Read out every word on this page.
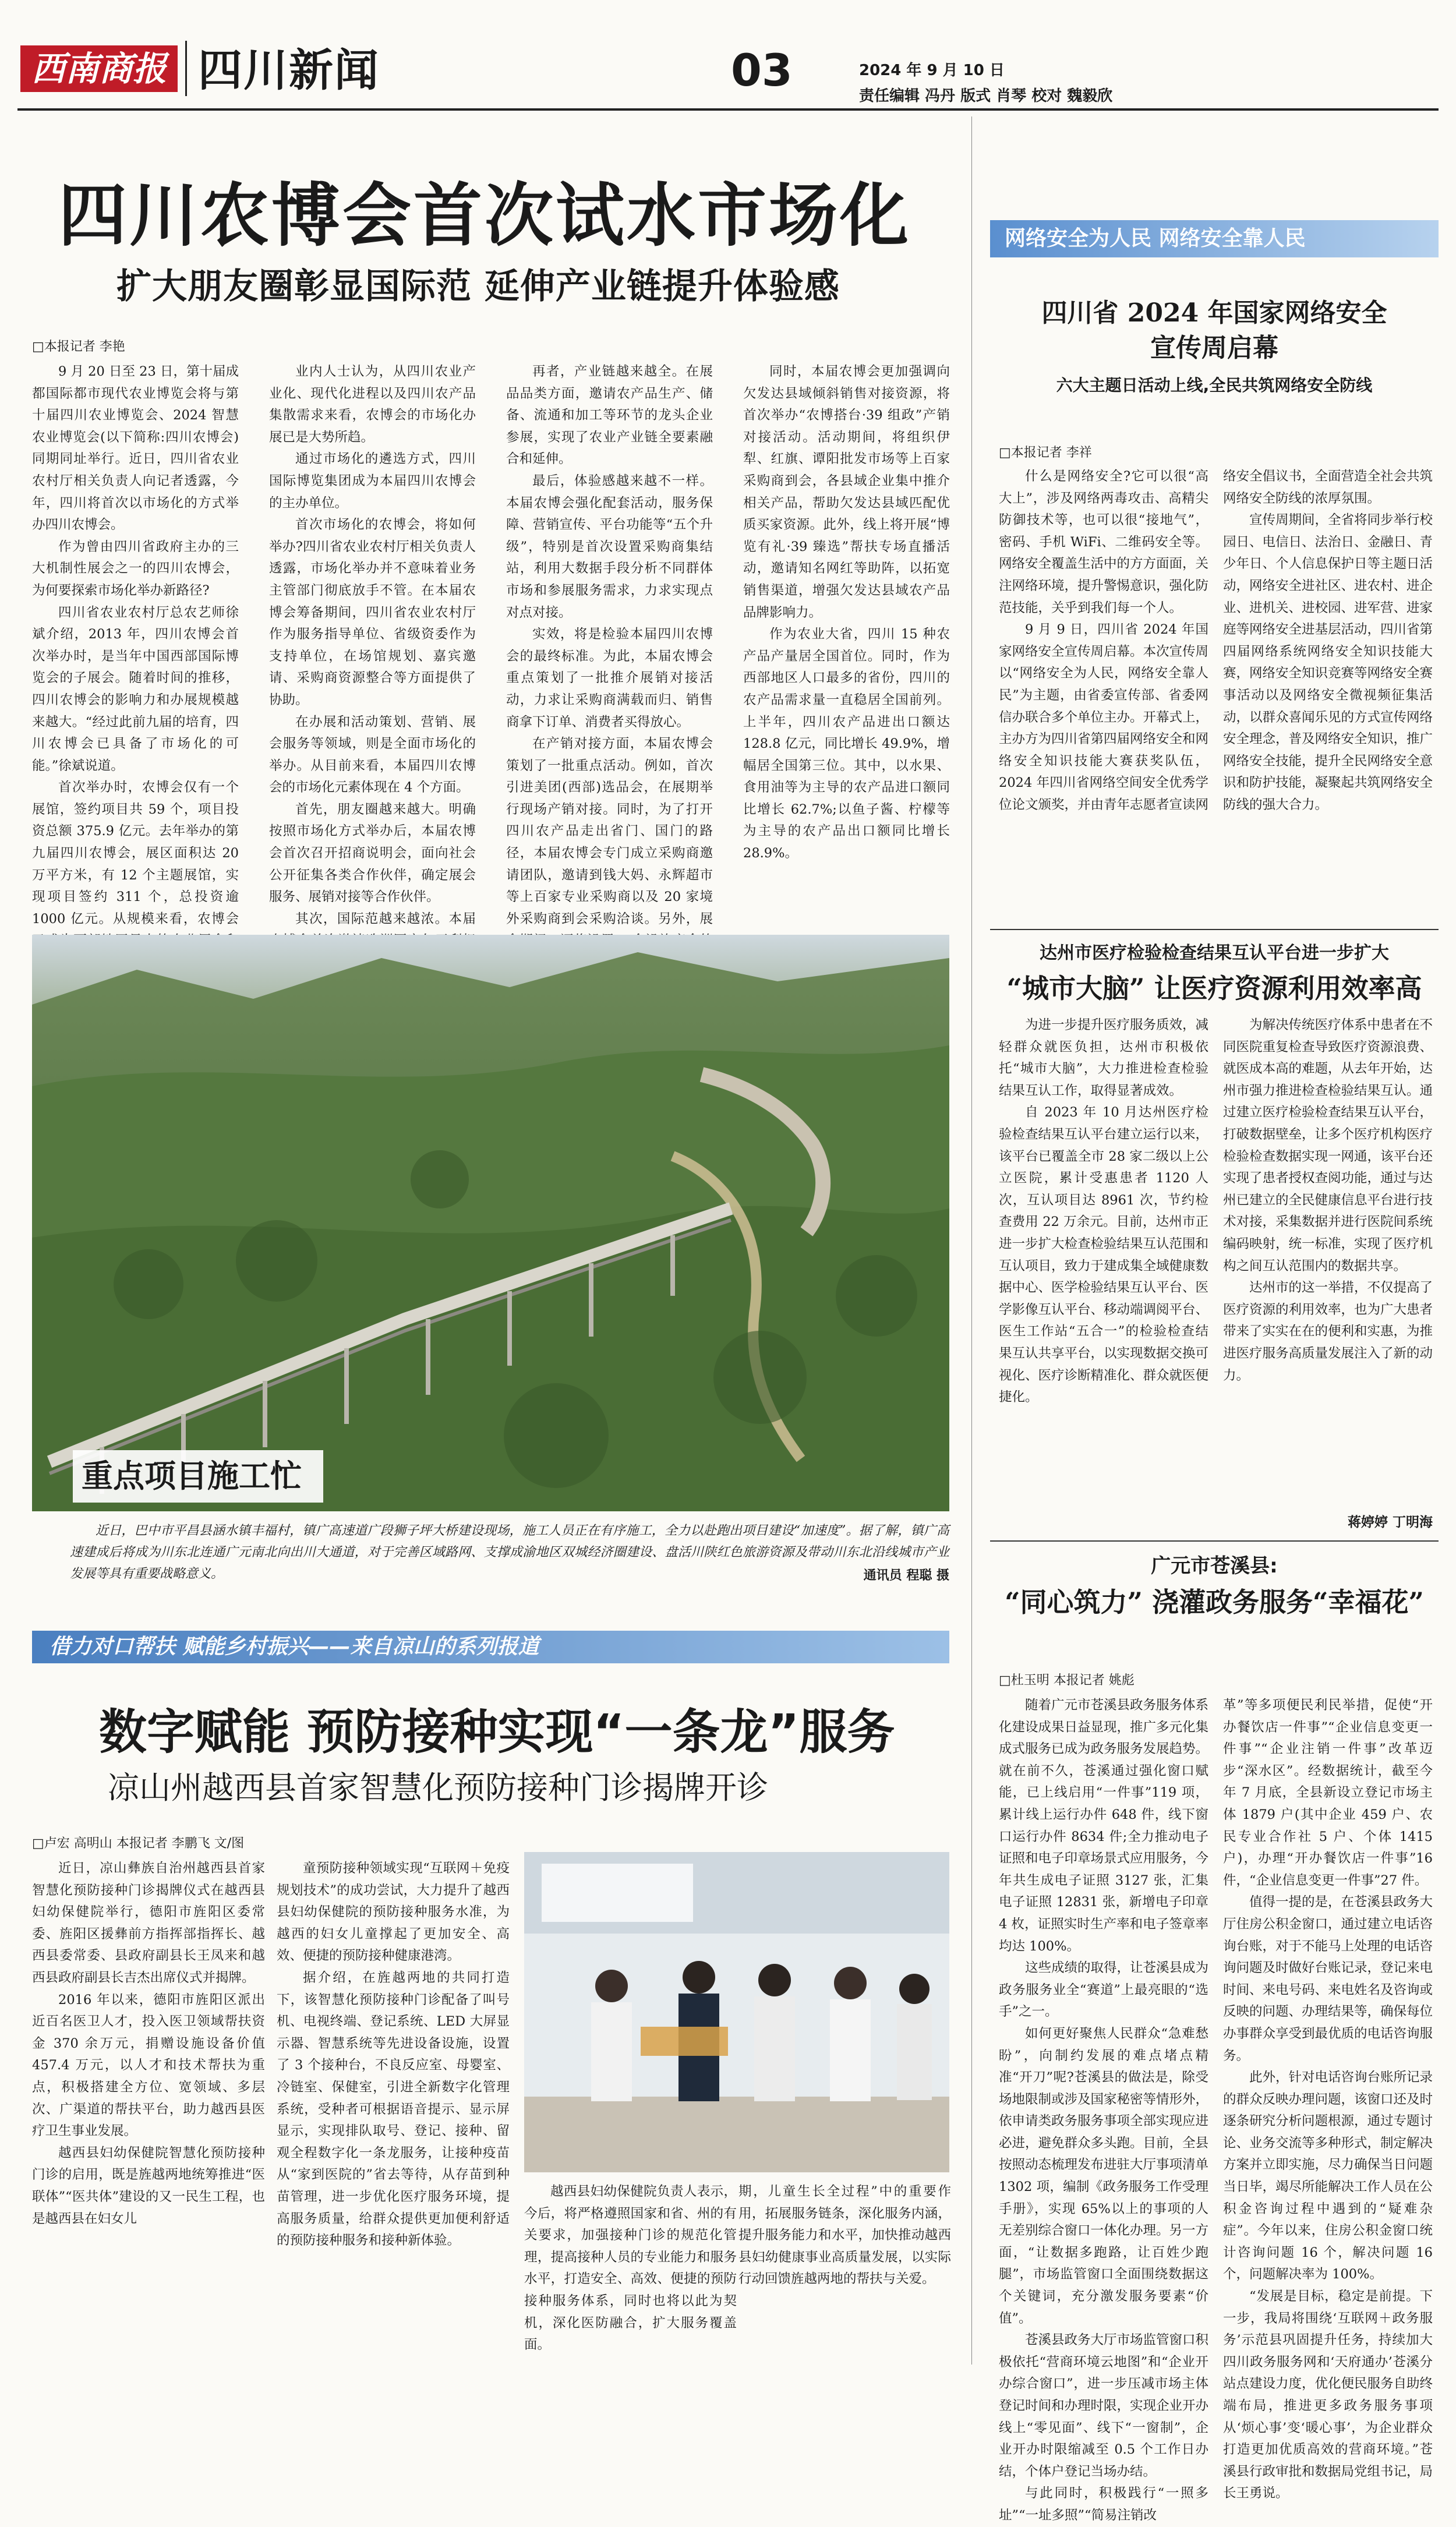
西南商报 四川新闻	03	2024 年 9 月 10 日
责任编辑 冯丹 版式 肖琴 校对 魏毅欣
四川农博会首次试水市场化
扩大朋友圈彰显国际范 延伸产业链提升体验感
□本报记者 李艳

9 月 20 日至 23 日，第十届成都国际都市现代农业博览会将与第十届四川农业博览会、2024 智慧农业博览会(以下简称:四川农博会)同期同址举行。近日，四川省农业农村厅相关负责人向记者透露，今年，四川将首次以市场化的方式举办四川农博会。

作为曾由四川省政府主办的三大机制性展会之一的四川农博会，为何要探索市场化举办新路径?

四川省农业农村厅总农艺师徐斌介绍，2013 年，四川农博会首次举办时，是当年中国西部国际博览会的子展会。随着时间的推移，四川农博会的影响力和办展规模越来越大。“经过此前九届的培育，四川农博会已具备了市场化的可能。”徐斌说道。

首次举办时，农博会仅有一个展馆，签约项目共 59 个，项目投资总额 375.9 亿元。去年举办的第九届四川农博会，展区面积达 20 万平方米，有 12 个主题展馆，实现项目签约 311 个，总投资逾 1000 亿元。从规模来看，农博会

业内人士认为，从四川农业产业化、现代化进程以及四川农产品集散需求来看，农博会的市场化办展已是大势所趋。

通过市场化的遴选方式，四川国际博览集团成为本届四川农博会的主办单位。

首次市场化的农博会，将如何举办?四川省农业农村厅相关负责人透露，市场化举办并不意味着业务主管部门彻底放手不管。在本届农博会筹备期间，四川省农业农村厅作为服务指导单位、省级资委作为支持单位，在场馆规划、嘉宾邀请、采购商资源整合等方面提供了协助。

在办展和活动策划、营销、展会服务等领域，则是全面市场化的举办。从目前来看，本届四川农博会的市场化元素体现在 4 个方面。

首先，朋友圈越来越大。明确按照市场化方式举办后，本届农博会首次召开招商说明会，面向社会公开征集各类合作伙伴，确定展会服务、展销对接等合作伙伴。

其次，国际范越来越浓。本届

再者，产业链越来越全。在展品品类方面，邀请农产品生产、储备、流通和加工等环节的龙头企业参展，实现了农业产业链全要素融合和延伸。

最后，体验感越来越不一样。本届农博会强化配套活动，服务保障、营销宣传、平台功能等“五个升级”，特别是首次设置采购商集结站，利用大数据手段分析不同群体市场和参展服务需求，力求实现点对点对接。

实效，将是检验本届四川农博会的最终标准。为此，本届农博会重点策划了一批推介展销对接活动，力求让采购商满载而归、销售商拿下订单、消费者买得放心。

在产销对接方面，本届农博会策划了一批重点活动。例如，首次引进美团(西部)选品会，在展期举行现场产销对接。同时，为了打开四川农产品走出省门、国门的路径，本届农博会专门成立采购商邀请团队，邀请到钱大妈、永辉超市等上百家专业采购商以及 20 家境外采购商到会采购洽谈。另外，展

同时，本届农博会更加强调向欠发达县域倾斜销售对接资源，将首次举办“农博搭台·39 组政”产销对接活动。活动期间，将组织伊犁、红旗、谭阳批发市场等上百家采购商到会，各县域企业集中推介相关产品，帮助欠发达县域匹配优质买家资源。此外，线上将开展“博览有礼·39 臻选”帮扶专场直播活动，邀请知名网红等助阵，以拓宽销售渠道，增强欠发达县域农产品品牌影响力。

作为农业大省，四川 15 种农产品产量居全国首位。同时，作为西部地区人口最多的省份，四川的农产品需求量一直稳居全国前列。上半年，四川农产品进出口额达 128.8 亿元，同比增长 49.9%，增幅居全国第三位。其中，以水果、食用油等为主导的农产品进口额同比增长 62.7%;以鱼子酱、柠檬等为主导的农产品出口额同比增长 28.9%。

重点项目施工忙

近日，巴中市平昌县涵水镇丰福村，镇广高速道广段狮子坪大桥建设现场，施工人员正在有序施工，全力以赴跑出项目建设“加速度”。据了解，镇广高速建成后将成为川东北连通广元南北向出川大通道，对于完善区域路网、支撑成渝地区双城经济圈建设、盘活川陕红色旅游资源及带动川东北沿线城市产业发展等具有重要战略意义。	通讯员 程聪 摄
借力对口帮扶 赋能乡村振兴——来自凉山的系列报道
数字赋能 预防接种实现“一条龙”服务
凉山州越西县首家智慧化预防接种门诊揭牌开诊
□卢宏 高明山 本报记者 李鹏飞 文/图

近日，凉山彝族自治州越西县首家智慧化预防接种门诊揭牌仪式在越西县妇幼保健院举行，德阳市旌阳区委常委、旌阳区援彝前方指挥部指挥长、越西县委常委、县政府副县长王凤来和越西县政府副县长吉杰出席仪式并揭牌。

2016 年以来，德阳市旌阳区派出近百名医卫人才，投入医卫领域帮扶资金 370 余万元，捐赠设施设备价值 457.4 万元，以人才和技术帮扶为重点，积极搭建全方位、宽领域、多层次、广渠道的帮扶平台，助力越西县医疗卫生事业发展。

越西县妇幼保健院智慧化预防接种门诊的启用，既是旌越两地统筹推进“医联体”“医共体”建设的又一民生工程，也是越西县在妇女儿

童预防接种领域实现“互联网＋免疫规划技术”的成功尝试，大力提升了越西县妇幼保健院的预防接种服务水准，为越西的妇女儿童撑起了更加安全、高效、便捷的预防接种健康港湾。

据介绍，在旌越两地的共同打造下，该智慧化预防接种门诊配备了叫号机、电视终端、登记系统、LED 大屏显示器、智慧系统等先进设备设施，设置了 3 个接种台，不良反应室、母婴室、冷链室、保健室，引进全新数字化管理系统，受种者可根据语音提示、显示屏显示，实现排队取号、登记、接种、留观全程数字化一条龙服务，让接种疫苗从“家到医院的”省去等待，从存苗到种苗管理，进一步优化医疗服务环境，提高服务质量，给群众提供更加便利舒适的预防接种服务和接种新体验。

越西县妇幼保健院负责人表示，今后，将严格遵照国家和省、州的有关要求，加强接种门诊的规范化管理，提高接种人员的专业能力和服务水平，打造安全、高效、便捷的预防接种服务体系，同时也将以此为契机，深化医防融合，扩大服务覆盖面。

期，儿童生长全过程”中的重要作用，拓展服务链条，深化服务内涵，提升服务能力和水平，加快推动越西县妇幼健康事业高质量发展，以实际行动回馈旌越两地的帮扶与关爱。

网络安全为人民 网络安全靠人民
四川省 2024 年国家网络安全
宣传周启幕
六大主题日活动上线,全民共筑网络安全防线
□本报记者 李祥

什么是网络安全?它可以很“高大上”，涉及网络两毒攻击、高精尖防御技术等，也可以很“接地气”，密码、手机 WiFi、二维码安全等。网络安全覆盖生活中的方方面面，关注网络环境，提升警惕意识，强化防范技能，关乎到我们每一个人。

9 月 9 日，四川省 2024 年国家网络安全宣传周启幕。本次宣传周以“网络安全为人民，网络安全靠人民”为主题，由省委宣传部、省委网信办联合多个单位主办。开幕式上，主办方为四川省第四届网络安全和网络安全知识技能大赛获奖队伍，2024 年四川省网络空间安全优秀学位论文颁奖，并由青年志愿者宣读网

络安全倡议书，全面营造全社会共筑网络安全防线的浓厚氛围。

宣传周期间，全省将同步举行校园日、电信日、法治日、金融日、青少年日、个人信息保护日等主题日活动，网络安全进社区、进农村、进企业、进机关、进校园、进军营、进家庭等网络安全进基层活动，四川省第四届网络系统网络安全知识技能大赛，网络安全知识竞赛等网络安全赛事活动以及网络安全微视频征集活动，以群众喜闻乐见的方式宣传网络安全理念，普及网络安全知识，推广网络安全技能，提升全民网络安全意识和防护技能，凝聚起共筑网络安全防线的强大合力。

达州市医疗检验检查结果互认平台进一步扩大
“城市大脑” 让医疗资源利用效率高

为进一步提升医疗服务质效，减轻群众就医负担，达州市积极依托“城市大脑”，大力推进检查检验结果互认工作，取得显著成效。

自 2023 年 10 月达州医疗检验检查结果互认平台建立运行以来，该平台已覆盖全市 28 家二级以上公立医院，累计受惠患者 1120 人次，互认项目达 8961 次，节约检查费用 22 万余元。目前，达州市正进一步扩大检查检验结果互认范围和互认项目，致力于建成集全域健康数据中心、医学检验结果互认平台、医学影像互认平台、移动端调阅平台、医生工作站“五合一”的检验检查结果互认共享平台，以实现数据交换可视化、医疗诊断精准化、群众就医便捷化。

为解决传统医疗体系中患者在不同医院重复检查导致医疗资源浪费、就医成本高的难题，从去年开始，达州市强力推进检查检验结果互认。通过建立医疗检验检查结果互认平台，打破数据壁垒，让多个医疗机构医疗检验检查数据实现一网通，该平台还实现了患者授权查阅功能，通过与达州已建立的全民健康信息平台进行技术对接，采集数据并进行医院间系统编码映射，统一标准，实现了医疗机构之间互认范围内的数据共享。

达州市的这一举措，不仅提高了医疗资源的利用效率，也为广大患者带来了实实在在的便利和实惠，为推进医疗服务高质量发展注入了新的动力。

蒋婷婷 丁明海
广元市苍溪县:
“同心筑力” 浇灌政务服务“幸福花”
□杜玉明 本报记者 姚彪

随着广元市苍溪县政务服务体系化建设成果日益显现，推广多元化集成式服务已成为政务服务发展趋势。就在前不久，苍溪通过强化窗口赋能，已上线启用“一件事”119 项，累计线上运行办件 648 件，线下窗口运行办件 8634 件;全力推动电子证照和电子印章场景式应用服务，今年共生成电子证照 3127 张，汇集电子证照 12831 张，新增电子印章 4 枚，证照实时生产率和电子签章率均达 100%。

这些成绩的取得，让苍溪县成为政务服务业全“赛道”上最亮眼的“选手”之一。

如何更好聚焦人民群众“急难愁盼”，向制约发展的难点堵点精准“开刀”呢?苍溪县的做法是，除受场地限制或涉及国家秘密等情形外，依申请类政务服务事项全部实现应进必进，避免群众多头跑。目前，全县按照动态梳理发布进驻大厅事项清单 1302 项，编制《政务服务工作受理手册》，实现 65%以上的事项的人无差别综合窗口一体化办理。另一方面，“让数据多跑路，让百姓少跑腿”，市场监管窗口全面围绕数据这个关键词，充分激发服务要素“价值”。

苍溪县政务大厅市场监管窗口积极依托“营商环境云地图”和“企业开办综合窗口”，进一步压减市场主体登记时间和办理时限，实现企业开办线上“零见面”、线下“一窗制”，企业开办时限缩减至 0.5 个工作日办结，个体户登记当场办结。

与此同时，积极践行“一照多址”“一址多照”“简易注销改

革”等多项便民利民举措，促使“开办餐饮店一件事”“企业信息变更一件事”“企业注销一件事”改革迈步“深水区”。经数据统计，截至今年 7 月底，全县新设立登记市场主体 1879 户(其中企业 459 户、农民专业合作社 5 户、个体 1415 户)，办理“开办餐饮店一件事”16 件，“企业信息变更一件事”27 件。

值得一提的是，在苍溪县政务大厅住房公积金窗口，通过建立电话咨询台账，对于不能马上处理的电话咨询问题及时做好台账记录，登记来电时间、来电号码、来电姓名及咨询或反映的问题、办理结果等，确保每位办事群众享受到最优质的电话咨询服务。

此外，针对电话咨询台账所记录的群众反映办理问题，该窗口还及时逐条研究分析问题根源，通过专题讨论、业务交流等多种形式，制定解决方案并立即实施，尽力确保当日问题当日毕，竭尽所能解决工作人员在公积金咨询过程中遇到的“疑难杂症”。今年以来，住房公积金窗口统计咨询问题 16 个，解决问题 16 个，问题解决率为 100%。

“发展是目标，稳定是前提。下一步，我局将围绕‘互联网＋政务服务’示范县巩固提升任务，持续加大四川政务服务网和‘天府通办’苍溪分站点建设力度，优化便民服务自助终端布局，推进更多政务服务事项从‘烦心事’变‘暖心事’，为企业群众打造更加优质高效的营商环境。”苍溪县行政审批和数据局党组书记，局长王勇说。
